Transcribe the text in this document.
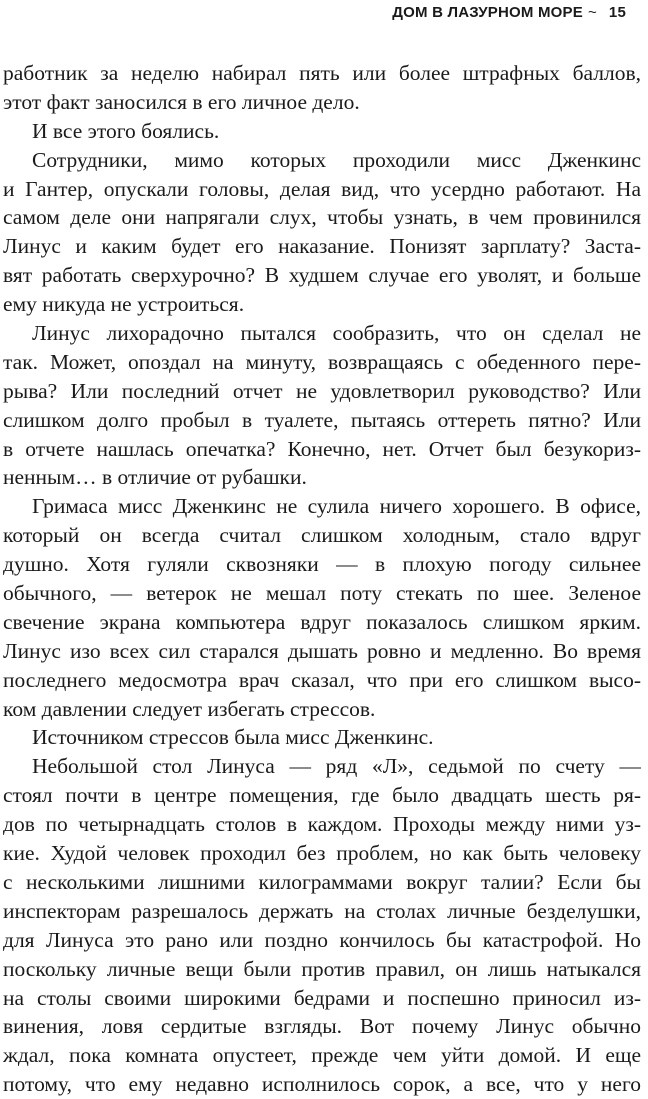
ДОМ В ЛАЗУРНОМ МОРЕ ~ 15
работник за неделю набирал пять или более штрафных баллов,
этот факт заносился в его личное дело.
И все этого боялись.
Сотрудники, мимо которых проходили мисс Дженкинс
и Гантер, опускали головы, делая вид, что усердно работают. На
самом деле они напрягали слух, чтобы узнать, в чем провинился
Линус и каким будет его наказание. Понизят зарплату? Заста-
вят работать сверхурочно? В худшем случае его уволят, и больше
ему никуда не устроиться.
Линус лихорадочно пытался сообразить, что он сделал не
так. Может, опоздал на минуту, возвращаясь с обеденного пере-
рыва? Или последний отчет не удовлетворил руководство? Или
слишком долго пробыл в туалете, пытаясь оттереть пятно? Или
в отчете нашлась опечатка? Конечно, нет. Отчет был безукориз-
ненным… в отличие от рубашки.
Гримаса мисс Дженкинс не сулила ничего хорошего. В офисе,
который он всегда считал слишком холодным, стало вдруг
душно. Хотя гуляли сквозняки — в плохую погоду сильнее
обычного, — ветерок не мешал поту стекать по шее. Зеленое
свечение экрана компьютера вдруг показалось слишком ярким.
Линус изо всех сил старался дышать ровно и медленно. Во время
последнего медосмотра врач сказал, что при его слишком высо-
ком давлении следует избегать стрессов.
Источником стрессов была мисс Дженкинс.
Небольшой стол Линуса — ряд «Л», седьмой по счету —
стоял почти в центре помещения, где было двадцать шесть ря-
дов по четырнадцать столов в каждом. Проходы между ними уз-
кие. Худой человек проходил без проблем, но как быть человеку
с несколькими лишними килограммами вокруг талии? Если бы
инспекторам разрешалось держать на столах личные безделушки,
для Линуса это рано или поздно кончилось бы катастрофой. Но
поскольку личные вещи были против правил, он лишь натыкался
на столы своими широкими бедрами и поспешно приносил из-
винения, ловя сердитые взгляды. Вот почему Линус обычно
ждал, пока комната опустеет, прежде чем уйти домой. И еще
потому, что ему недавно исполнилось сорок, а все, что у него
